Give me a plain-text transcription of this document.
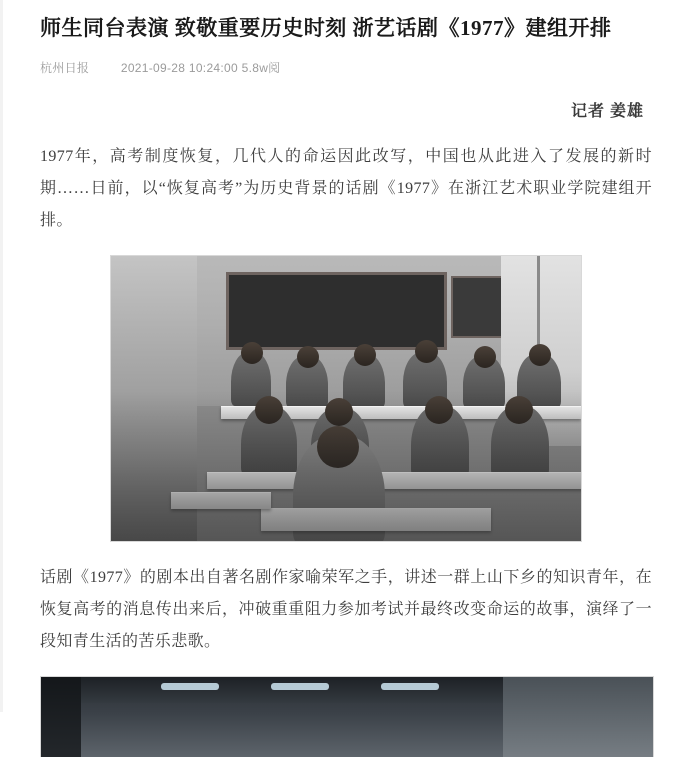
师生同台表演 致敬重要历史时刻 浙艺话剧《1977》建组开排
杭州日报	2021-09-28 10:24:00 5.8w阅
记者 姜雄

1977年，高考制度恢复，几代人的命运因此改写，中国也从此进入了发展的新时期……日前，以“恢复高考”为历史背景的话剧《1977》在浙江艺术职业学院建组开排。

话剧《1977》的剧本出自著名剧作家喻荣军之手，讲述一群上山下乡的知识青年，在恢复高考的消息传出来后，冲破重重阻力参加考试并最终改变命运的故事，演绎了一段知青生活的苦乐悲歌。
